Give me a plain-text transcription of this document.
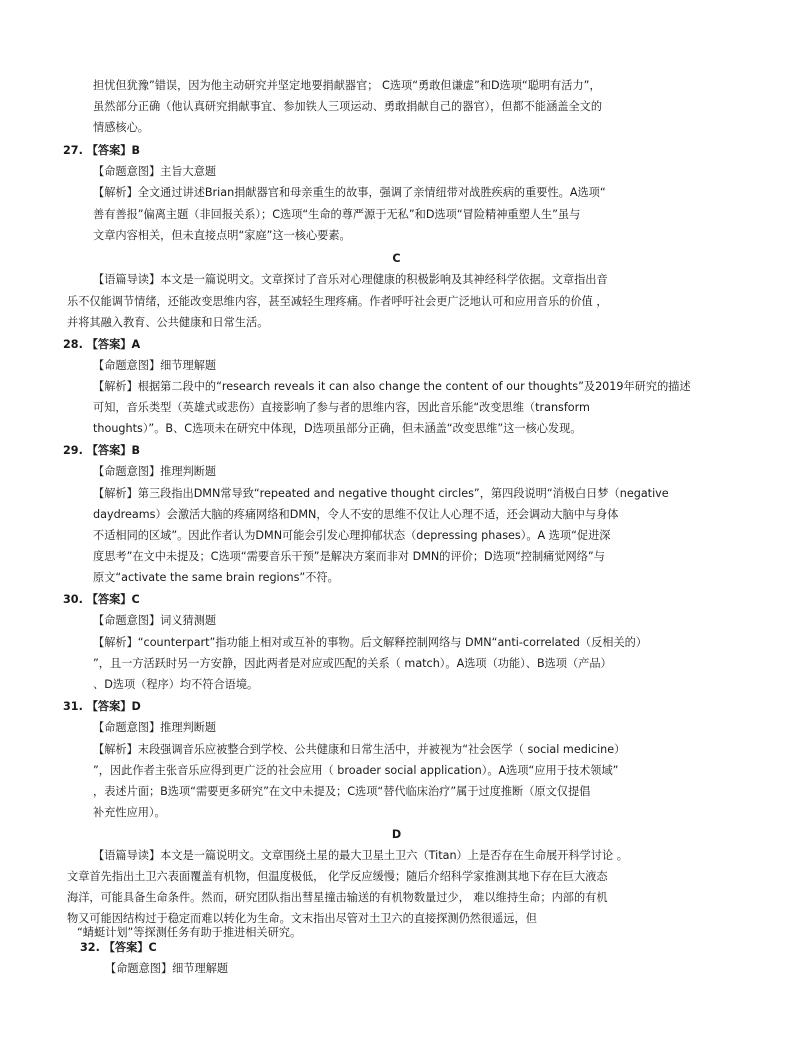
担忧但犹豫”错误，因为他主动研究并坚定地要捐献器官； C选项“勇敢但谦虚”和D选项“聪明有活力”，
虽然部分正确（他认真研究捐献事宜、参加铁人三项运动、勇敢捐献自己的器官），但都不能涵盖全文的
情感核心。
27. 【答案】B
【命题意图】主旨大意题
【解析】全文通过讲述Brian捐献器官和母亲重生的故事，强调了亲情纽带对战胜疾病的重要性。A选项“
善有善报”偏离主题（非回报关系）；C选项“生命的尊严源于无私”和D选项“冒险精神重塑人生”虽与
文章内容相关，但未直接点明“家庭”这一核心要素。
C
【语篇导读】本文是一篇说明文。文章探讨了音乐对心理健康的积极影响及其神经科学依据。文章指出音
乐不仅能调节情绪，还能改变思维内容，甚至减轻生理疼痛。作者呼吁社会更广泛地认可和应用音乐的价值 ，
并将其融入教育、公共健康和日常生活。
28. 【答案】A
【命题意图】细节理解题
【解析】根据第二段中的“research reveals it can also change the content of our thoughts”及2019年研究的描述
可知，音乐类型（英雄式或悲伤）直接影响了参与者的思维内容，因此音乐能“改变思维（transform
thoughts）”。B、C选项未在研究中体现，D选项虽部分正确，但未涵盖“改变思维”这一核心发现。
29. 【答案】B
【命题意图】推理判断题
【解析】第三段指出DMN常导致“repeated and negative thought circles”，第四段说明“消极白日梦（negative
daydreams）会激活大脑的疼痛网络和DMN，令人不安的思维不仅让人心理不适，还会调动大脑中与身体
不适相同的区域”。因此作者认为DMN可能会引发心理抑郁状态（depressing phases）。A 选项“促进深
度思考”在文中未提及；C选项“需要音乐干预”是解决方案而非对 DMN的评价；D选项“控制痛觉网络”与
原文“activate the same brain regions”不符。
30. 【答案】C
【命题意图】词义猜测题
【解析】“counterpart”指功能上相对或互补的事物。后文解释控制网络与 DMN“anti-correlated（反相关的）
”，且一方活跃时另一方安静，因此两者是对应或匹配的关系（ match）。A选项（功能）、B选项（产品）
、D选项（程序）均不符合语境。
31. 【答案】D
【命题意图】推理判断题
【解析】末段强调音乐应被整合到学校、公共健康和日常生活中，并被视为“社会医学（ social medicine）
”，因此作者主张音乐应得到更广泛的社会应用（ broader social application）。A选项“应用于技术领域”
，表述片面；B选项“需要更多研究”在文中未提及；C选项“替代临床治疗”属于过度推断（原文仅提倡
补充性应用）。
D
【语篇导读】本文是一篇说明文。文章围绕土星的最大卫星土卫六（Titan）上是否存在生命展开科学讨论 。
文章首先指出土卫六表面覆盖有机物，但温度极低， 化学反应缓慢；随后介绍科学家推测其地下存在巨大液态
海洋，可能具备生命条件。然而，研究团队指出彗星撞击输送的有机物数量过少， 难以维持生命；内部的有机
物又可能因结构过于稳定而难以转化为生命。文末指出尽管对土卫六的直接探测仍然很遥远，但
“蜻蜓计划”等探测任务有助于推进相关研究。
32. 【答案】C
【命题意图】细节理解题
